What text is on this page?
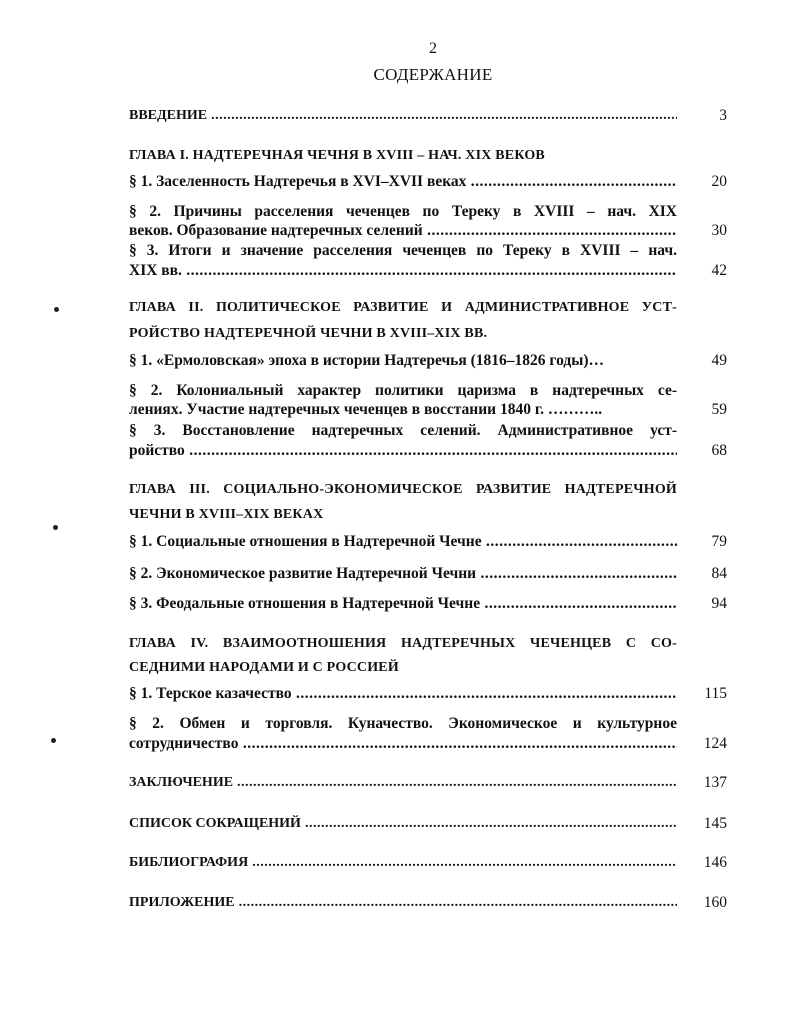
2
СОДЕРЖАНИЕ
ВВЕДЕНИЕ .....	3
ГЛАВА I. НАДТЕРЕЧНАЯ ЧЕЧНЯ В XVIII – НАЧ. XIX ВЕКОВ
§ 1. Заселенность Надтеречья в XVI–XVII веках .....	20
§ 2. Причины расселения чеченцев по Тереку в XVIII – нач. XIX
веков. Образование надтеречных селений .....	30
§ 3. Итоги и значение расселения чеченцев по Тереку в XVIII – нач.
XIX вв. .....	42
ГЛАВА II. ПОЛИТИЧЕСКОЕ РАЗВИТИЕ И АДМИНИСТРАТИВНОЕ УСТ-
РОЙСТВО НАДТЕРЕЧНОЙ ЧЕЧНИ В XVIII–XIX ВВ.
§ 1. «Ермоловская» эпоха в истории Надтеречья (1816–1826 годы)…	49
§ 2. Колониальный характер политики царизма в надтеречных се-
лениях. Участие надтеречных чеченцев в восстании 1840 г. ………..	59
§ 3. Восстановление надтеречных селений. Административное уст-
ройство .....	68
ГЛАВА III. СОЦИАЛЬНО-ЭКОНОМИЧЕСКОЕ РАЗВИТИЕ НАДТЕРЕЧНОЙ
ЧЕЧНИ В XVIII–XIX ВЕКАХ
§ 1. Социальные отношения в Надтеречной Чечне .....	79
§ 2. Экономическое развитие Надтеречной Чечни .....	84
§ 3. Феодальные отношения в Надтеречной Чечне .....	94
ГЛАВА IV. ВЗАИМООТНОШЕНИЯ НАДТЕРЕЧНЫХ ЧЕЧЕНЦЕВ С СО-
СЕДНИМИ НАРОДАМИ И С РОССИЕЙ
§ 1. Терское казачество .....	115
§ 2. Обмен и торговля. Куначество. Экономическое и культурное
сотрудничество .....	124
ЗАКЛЮЧЕНИЕ .....	137
СПИСОК СОКРАЩЕНИЙ .....	145
БИБЛИОГРАФИЯ .....	146
ПРИЛОЖЕНИЕ .....	160
